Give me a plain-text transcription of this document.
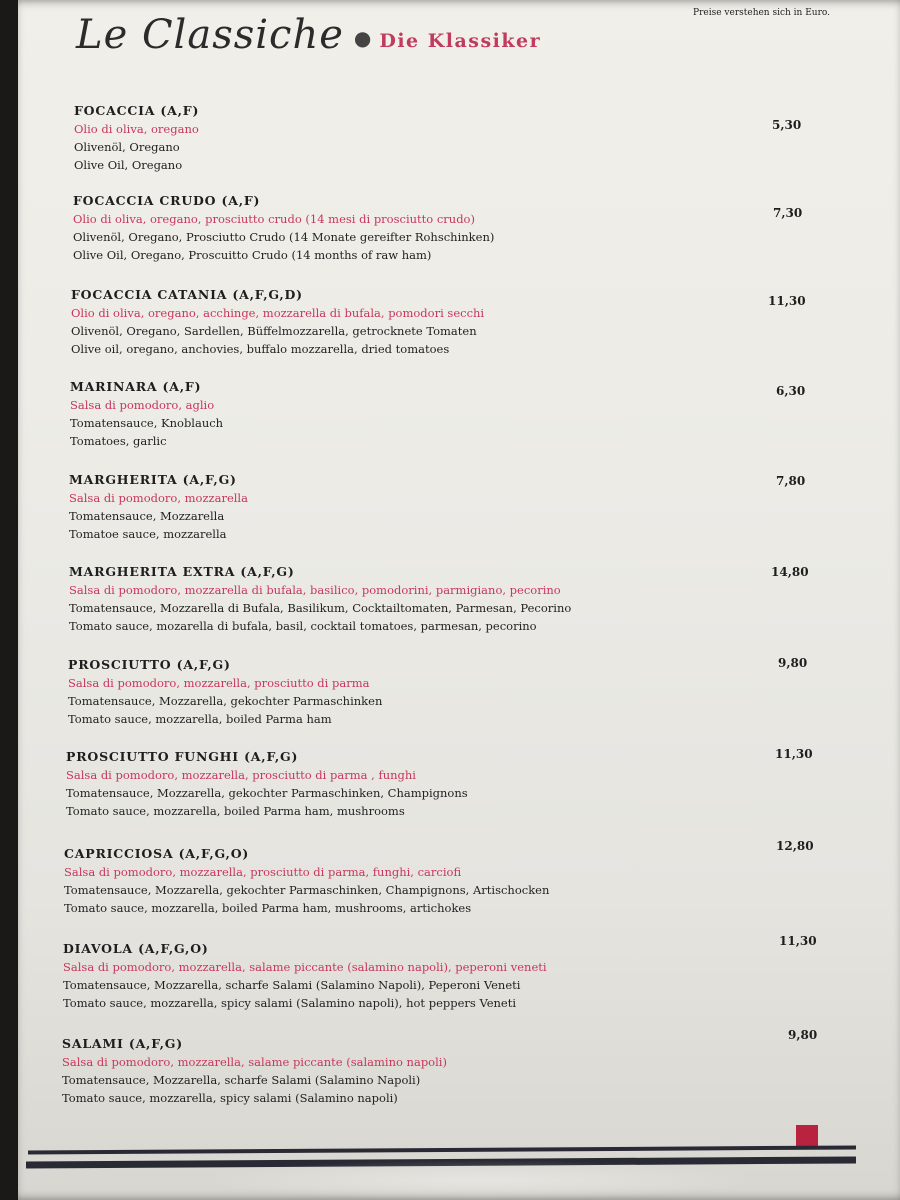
Preise verstehen sich in Euro.
Le Classiche ● Die Klassiker
FOCACCIA (A,F)
Olio di oliva, oregano
Olivenöl, Oregano
Olive Oil, Oregano
5,30
FOCACCIA CRUDO (A,F)
Olio di oliva, oregano, prosciutto crudo (14 mesi di prosciutto crudo)
Olivenöl, Oregano, Prosciutto Crudo (14 Monate gereifter Rohschinken)
Olive Oil, Oregano, Proscuitto Crudo (14 months of raw ham)
7,30
FOCACCIA CATANIA (A,F,G,D)
Olio di oliva, oregano, acchinge, mozzarella di bufala, pomodori secchi
Olivenöl, Oregano, Sardellen, Büffelmozzarella, getrocknete Tomaten
Olive oil, oregano, anchovies, buffalo mozzarella, dried tomatoes
11,30
MARINARA (A,F)
Salsa di pomodoro, aglio
Tomatensauce, Knoblauch
Tomatoes, garlic
6,30
MARGHERITA (A,F,G)
Salsa di pomodoro, mozzarella
Tomatensauce, Mozzarella
Tomatoe sauce, mozzarella
7,80
MARGHERITA EXTRA (A,F,G)
Salsa di pomodoro, mozzarella di bufala, basilico, pomodorini, parmigiano, pecorino
Tomatensauce, Mozzarella di Bufala, Basilikum, Cocktailtomaten, Parmesan, Pecorino
Tomato sauce, mozarella di bufala, basil, cocktail tomatoes, parmesan, pecorino
14,80
PROSCIUTTO (A,F,G)
Salsa di pomodoro, mozzarella, prosciutto di parma
Tomatensauce, Mozzarella, gekochter Parmaschinken
Tomato sauce, mozzarella, boiled Parma ham
9,80
PROSCIUTTO FUNGHI (A,F,G)
Salsa di pomodoro, mozzarella, prosciutto di parma , funghi
Tomatensauce, Mozzarella, gekochter Parmaschinken, Champignons
Tomato sauce, mozzarella, boiled Parma ham, mushrooms
11,30
CAPRICCIOSA (A,F,G,O)
Salsa di pomodoro, mozzarella, prosciutto di parma, funghi, carciofi
Tomatensauce, Mozzarella, gekochter Parmaschinken, Champignons, Artischocken
Tomato sauce, mozzarella, boiled Parma ham, mushrooms, artichokes
12,80
DIAVOLA (A,F,G,O)
Salsa di pomodoro, mozzarella, salame piccante (salamino napoli), peperoni veneti
Tomatensauce, Mozzarella, scharfe Salami (Salamino Napoli), Peperoni Veneti
Tomato sauce, mozzarella, spicy salami (Salamino napoli), hot peppers Veneti
11,30
SALAMI (A,F,G)
Salsa di pomodoro, mozzarella, salame piccante (salamino napoli)
Tomatensauce, Mozzarella, scharfe Salami (Salamino Napoli)
Tomato sauce, mozzarella, spicy salami (Salamino napoli)
9,80
